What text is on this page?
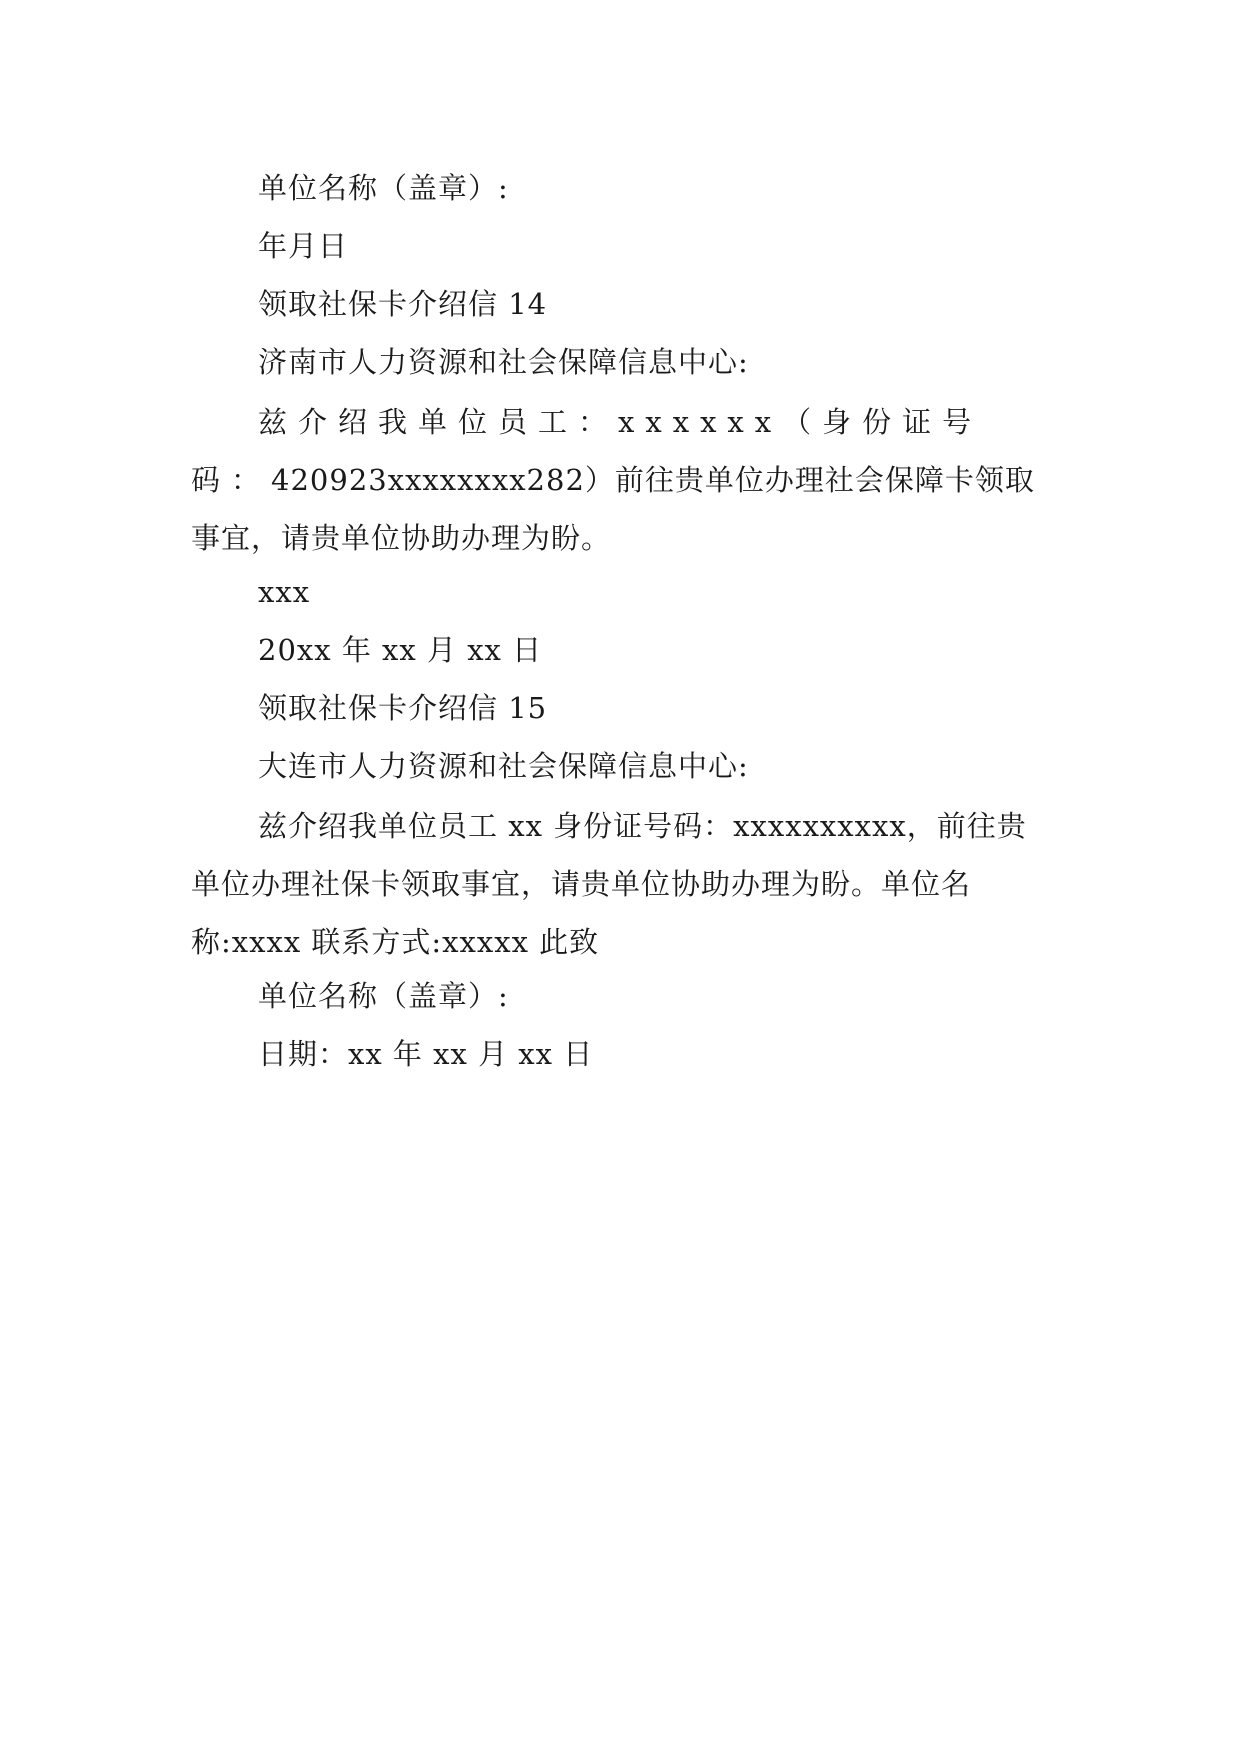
单位名称（盖章）:
年月日
领取社保卡介绍信 14
济南市人力资源和社会保障信息中心:
兹介绍我单位员工：xxxxxx（身份证号码：420923xxxxxxxx282）前往贵单位办理社会保障卡领取事宜，请贵单位协助办理为盼。
xxx
20xx 年 xx 月 xx 日
领取社保卡介绍信 15
大连市人力资源和社会保障信息中心:
兹介绍我单位员工 xx 身份证号码：xxxxxxxxxx，前往贵单位办理社保卡领取事宜，请贵单位协助办理为盼。单位名称:xxxx 联系方式:xxxxx 此致
单位名称（盖章）:
日期：xx 年 xx 月 xx 日
